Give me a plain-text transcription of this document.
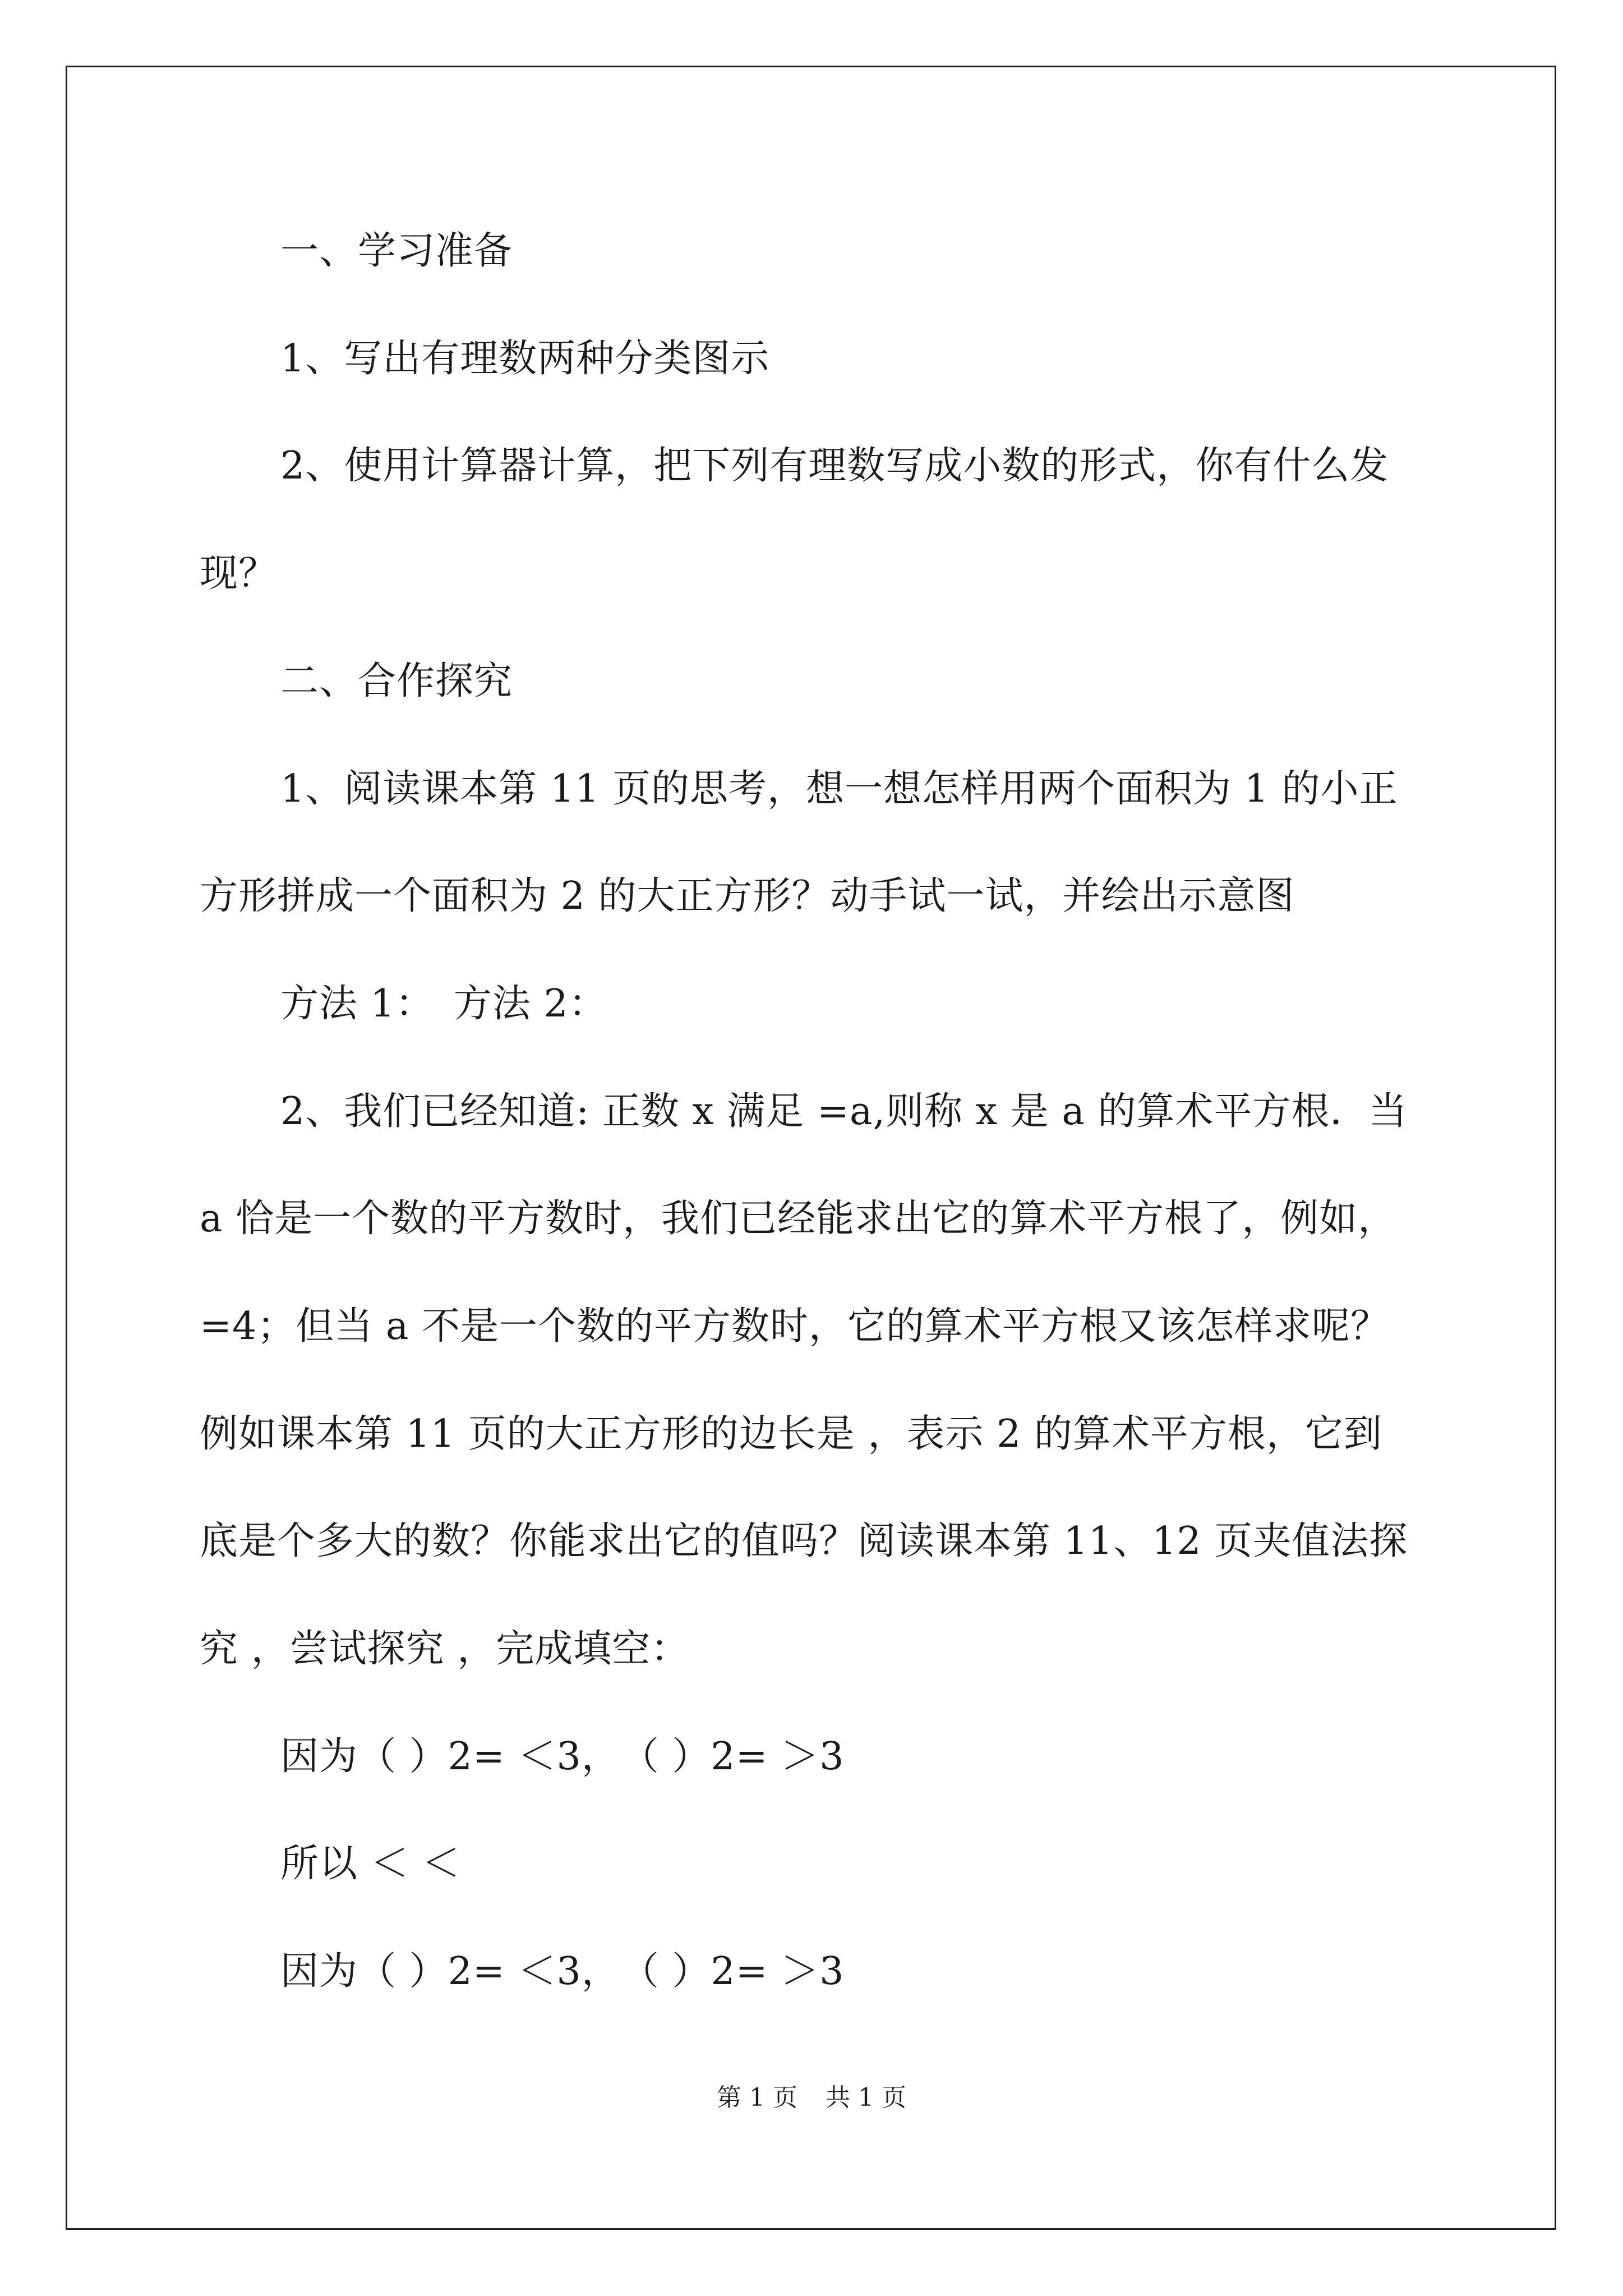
一、学习准备
1、写出有理数两种分类图示
2、使用计算器计算，把下列有理数写成小数的形式，你有什么发
现？
二、合作探究
1、阅读课本第 11 页的思考，想一想怎样用两个面积为 1 的小正
方形拼成一个面积为 2 的大正方形？动手试一试，并绘出示意图
方法 1：　方法 2：
2、我们已经知道: 正数 x 满足 =a,则称 x 是 a 的算术平方根．当
a 恰是一个数的平方数时，我们已经能求出它的算术平方根了，例如，
=4；但当 a 不是一个数的平方数时，它的算术平方根又该怎样求呢？
例如课本第 11 页的大正方形的边长是 ，表示 2 的算术平方根，它到
底是个多大的数？你能求出它的值吗？阅读课本第 11、12 页夹值法探
究 ，尝试探究 ，完成填空：
因为（ ）2= ＜3，　（ ）2= ＞3
所以 ＜ ＜
因为（ ）2= ＜3，　（ ）2= ＞3
第 1 页 共 1 页
